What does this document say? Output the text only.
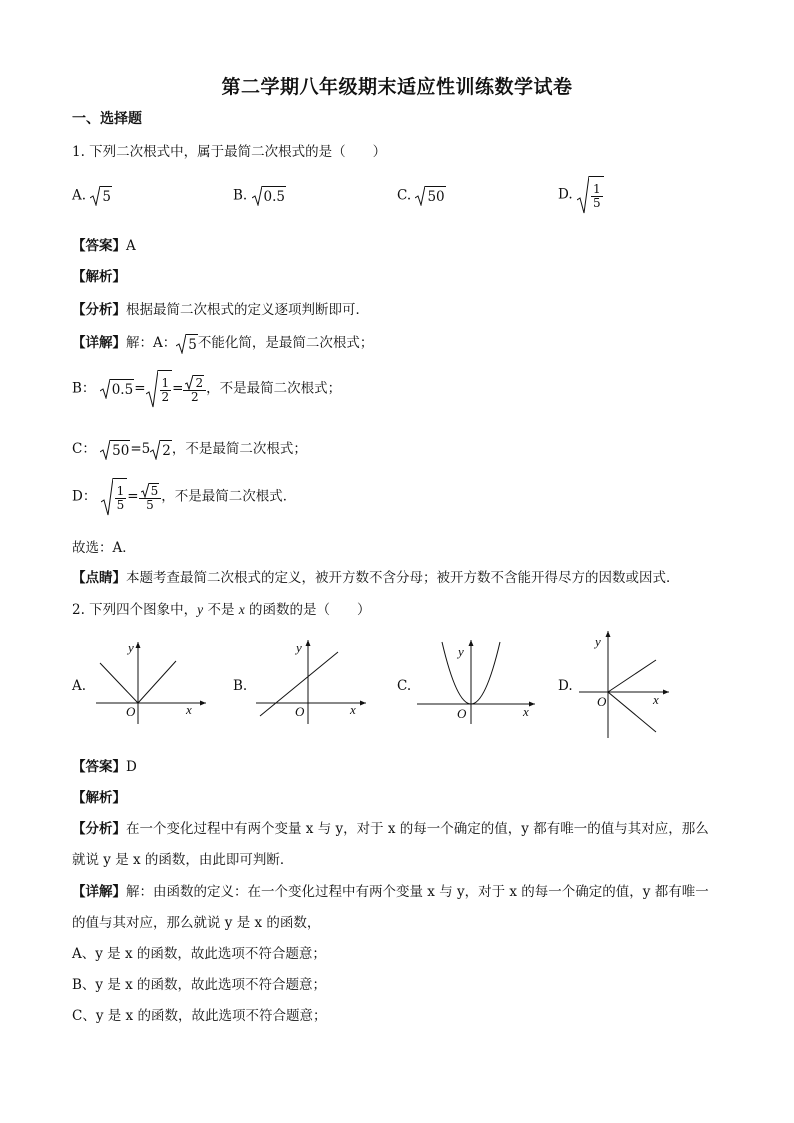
第二学期八年级期末适应性训练数学试卷
一、选择题
1. 下列二次根式中，属于最简二次根式的是（　　）
A. 5	B. 0.5	C. 50	D. $\frac{1}{5}$
【答案】A
【解析】
【分析】根据最简二次根式的定义逐项判断即可．
【详解】解：A： 5 不能化简，是最简二次根式；
B： $0.5 = \frac{1}{2} = \frac{2}{2}$ ，不是最简二次根式；
C： 50 =5 2 ，不是最简二次根式；
D： $\frac{1}{5} = \frac{5}{5}$ ，不是最简二次根式．
故选：A．
【点睛】本题考查最简二次根式的定义，被开方数不含分母；被开方数不含能开得尽方的因数或因式．
2. 下列四个图象中，y 不是 x 的函数的是（　　）
A.
y
x
O
B.
y
x
O
C.
y
x
O
D.
y
x
O
【答案】D
【解析】
【分析】在一个变化过程中有两个变量 x 与 y，对于 x 的每一个确定的值，y 都有唯一的值与其对应，那么
就说 y 是 x 的函数，由此即可判断．
【详解】解：由函数的定义：在一个变化过程中有两个变量 x 与 y，对于 x 的每一个确定的值，y 都有唯一
的值与其对应，那么就说 y 是 x 的函数，
A、y 是 x 的函数，故此选项不符合题意；
B、y 是 x 的函数，故此选项不符合题意；
C、y 是 x 的函数，故此选项不符合题意；
